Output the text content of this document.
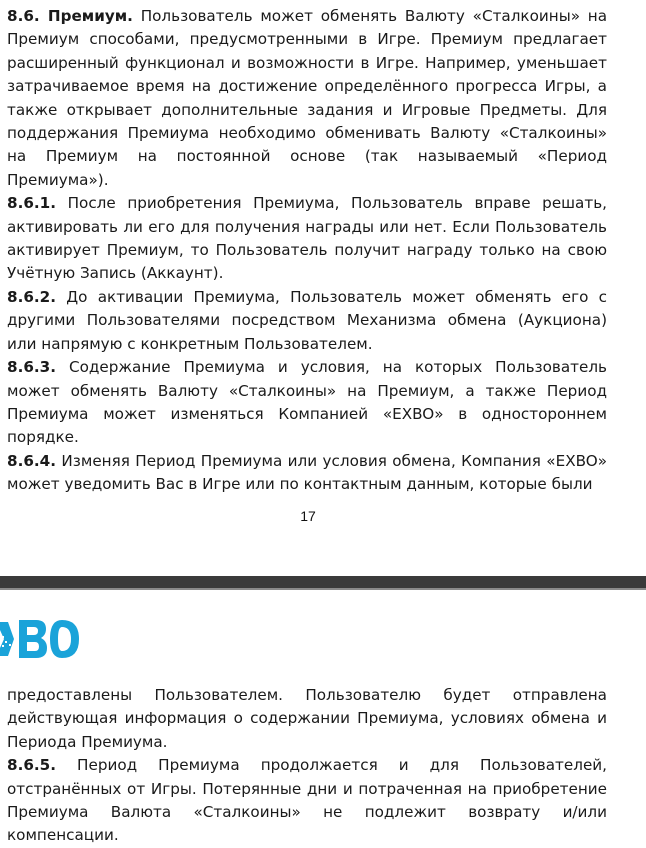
8.6. Премиум. Пользователь может обменять Валюту «Сталкоины» на Премиум способами, предусмотренными в Игре. Премиум предлагает расширенный функционал и возможности в Игре. Например, уменьшает затрачиваемое время на достижение определённого прогресса Игры, а также открывает дополнительные задания и Игровые Предметы. Для поддержания Премиума необходимо обменивать Валюту «Сталкоины» на Премиум на постоянной основе (так называемый «Период Премиума»).

8.6.1. После приобретения Премиума, Пользователь вправе решать, активировать ли его для получения награды или нет. Если Пользователь активирует Премиум, то Пользователь получит награду только на свою Учётную Запись (Аккаунт).

8.6.2. До активации Премиума, Пользователь может обменять его с другими Пользователями посредством Механизма обмена (Аукциона) или напрямую с конкретным Пользователем.

8.6.3. Содержание Премиума и условия, на которых Пользователь может обменять Валюту «Сталкоины» на Премиум, а также Период Премиума может изменяться Компанией «EXBO» в одностороннем порядке.

8.6.4. Изменяя Период Премиума или условия обмена, Компания «EXBO» может уведомить Вас в Игре или по контактным данным, которые были

17

предоставлены Пользователем. Пользователю будет отправлена действующая информация о содержании Премиума, условиях обмена и Периода Премиума.

8.6.5. Период Премиума продолжается и для Пользователей, отстранённых от Игры. Потерянные дни и потраченная на приобретение Премиума Валюта «Сталкоины» не подлежит возврату и/или компенсации.
